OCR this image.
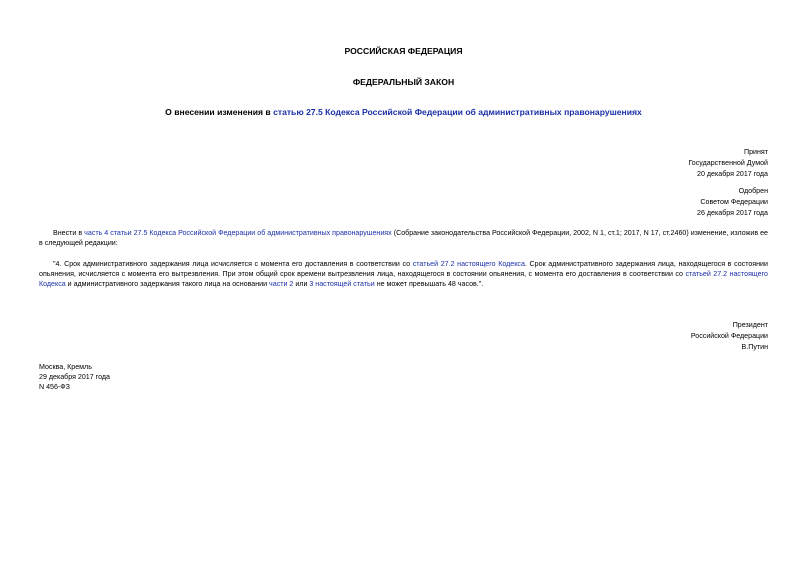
РОССИЙСКАЯ ФЕДЕРАЦИЯ
ФЕДЕРАЛЬНЫЙ ЗАКОН
О внесении изменения в статью 27.5 Кодекса Российской Федерации об административных правонарушениях
Принят
Государственной Думой
20 декабря 2017 года
Одобрен
Советом Федерации
26 декабря 2017 года
Внести в часть 4 статьи 27.5 Кодекса Российской Федерации об административных правонарушениях (Собрание законодательства Российской Федерации, 2002, N 1, ст.1; 2017, N 17, ст.2460) изменение, изложив ее в следующей редакции:
"4. Срок административного задержания лица исчисляется с момента его доставления в соответствии со статьей 27.2 настоящего Кодекса. Срок административного задержания лица, находящегося в состоянии опьянения, исчисляется с момента его вытрезвления. При этом общий срок времени вытрезвления лица, находящегося в состоянии опьянения, с момента его доставления в соответствии со статьей 27.2 настоящего Кодекса и административного задержания такого лица на основании части 2 или 3 настоящей статьи не может превышать 48 часов.".
Президент
Российской Федерации
В.Путин
Москва, Кремль
29 декабря 2017 года
N 456-ФЗ
